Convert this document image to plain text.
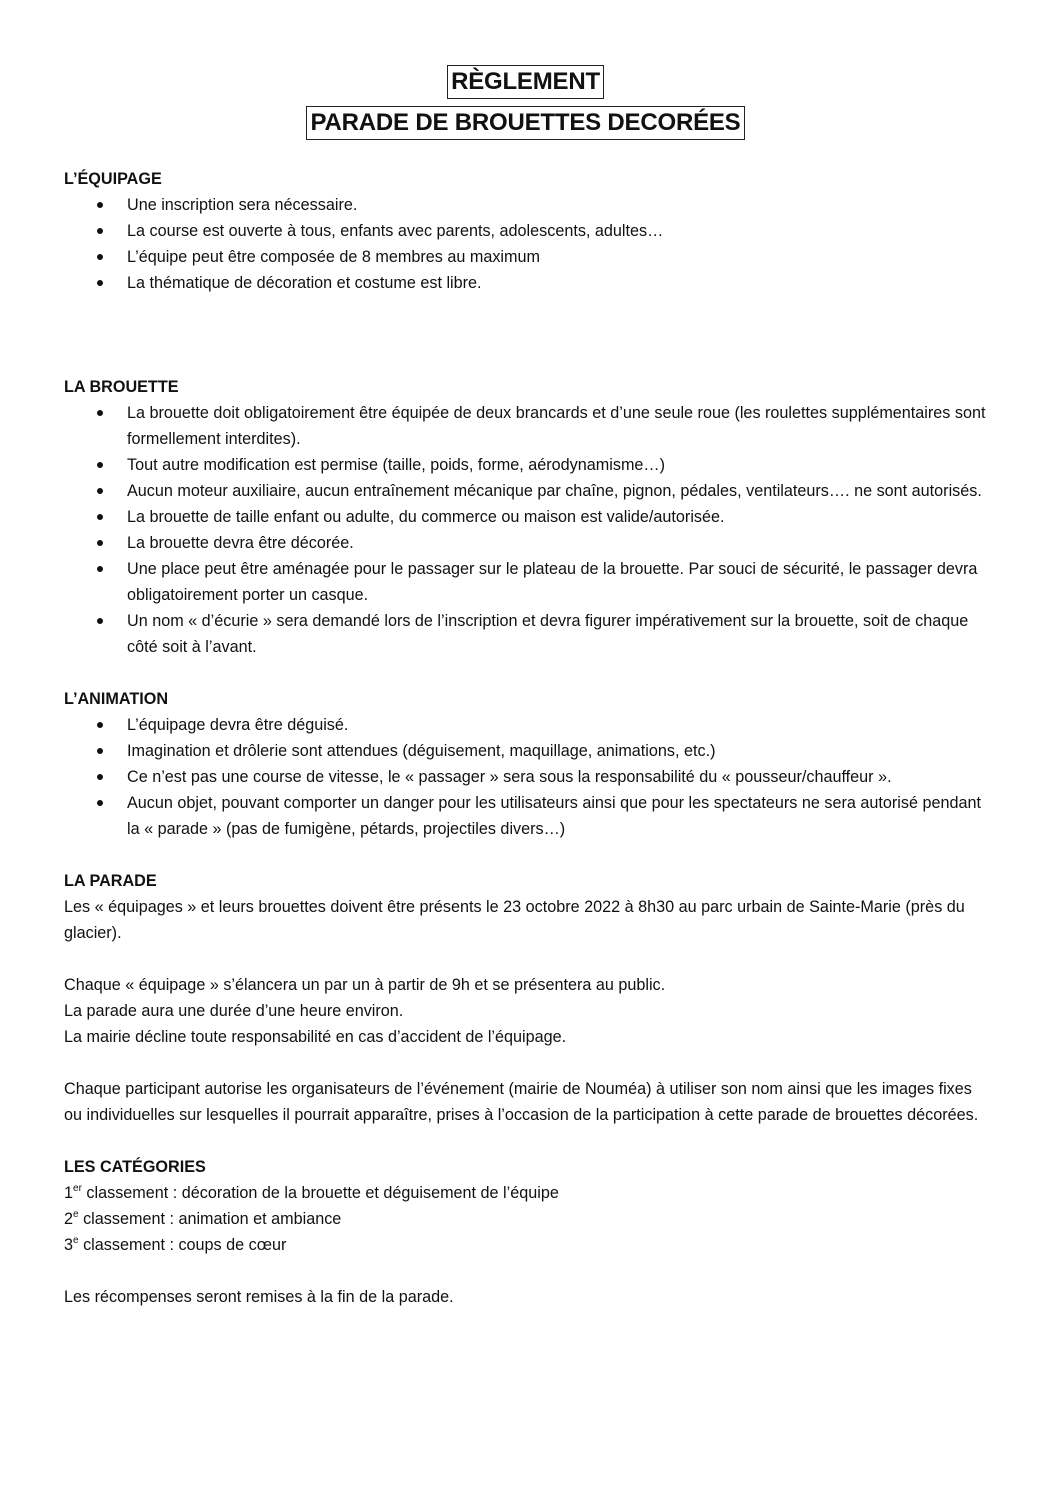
RÈGLEMENT
PARADE DE BROUETTES DECORÉES
L’ÉQUIPAGE
Une inscription sera nécessaire.
La course est ouverte à tous, enfants avec parents, adolescents, adultes…
L’équipe peut être composée de 8 membres au maximum
La thématique de décoration et costume est libre.
LA BROUETTE
La brouette doit obligatoirement être équipée de deux brancards et d’une seule roue (les roulettes supplémentaires sont formellement interdites).
Tout autre modification est permise (taille, poids, forme, aérodynamisme…)
Aucun moteur auxiliaire, aucun entraînement mécanique par chaîne, pignon, pédales, ventilateurs…. ne sont autorisés.
La brouette de taille enfant ou adulte, du commerce ou maison est valide/autorisée.
La brouette devra être décorée.
Une place peut être aménagée pour le passager sur le plateau de la brouette. Par souci de sécurité, le passager devra obligatoirement porter un casque.
Un nom « d’écurie » sera demandé lors de l’inscription et devra figurer impérativement sur la brouette, soit de chaque côté soit à l’avant.
L’ANIMATION
L’équipage devra être déguisé.
Imagination et drôlerie sont attendues (déguisement, maquillage, animations, etc.)
Ce n’est pas une course de vitesse, le « passager » sera sous la responsabilité du « pousseur/chauffeur ».
Aucun objet, pouvant comporter un danger pour les utilisateurs ainsi que pour les spectateurs ne sera autorisé pendant la « parade » (pas de fumigène, pétards, projectiles divers…)
LA PARADE

Les « équipages » et leurs brouettes doivent être présents le 23 octobre 2022 à 8h30 au parc urbain de Sainte-Marie (près du glacier).

Chaque « équipage » s’élancera un par un à partir de 9h et se présentera au public.

La parade aura une durée d’une heure environ.

La mairie décline toute responsabilité en cas d’accident de l’équipage.

Chaque participant autorise les organisateurs de l’événement (mairie de Nouméa) à utiliser son nom ainsi que les images fixes ou individuelles sur lesquelles il pourrait apparaître, prises à l’occasion de la participation à cette parade de brouettes décorées.

LES CATÉGORIES

1er classement : décoration de la brouette et déguisement de l’équipe

2e classement : animation et ambiance

3e classement : coups de cœur

Les récompenses seront remises à la fin de la parade.
